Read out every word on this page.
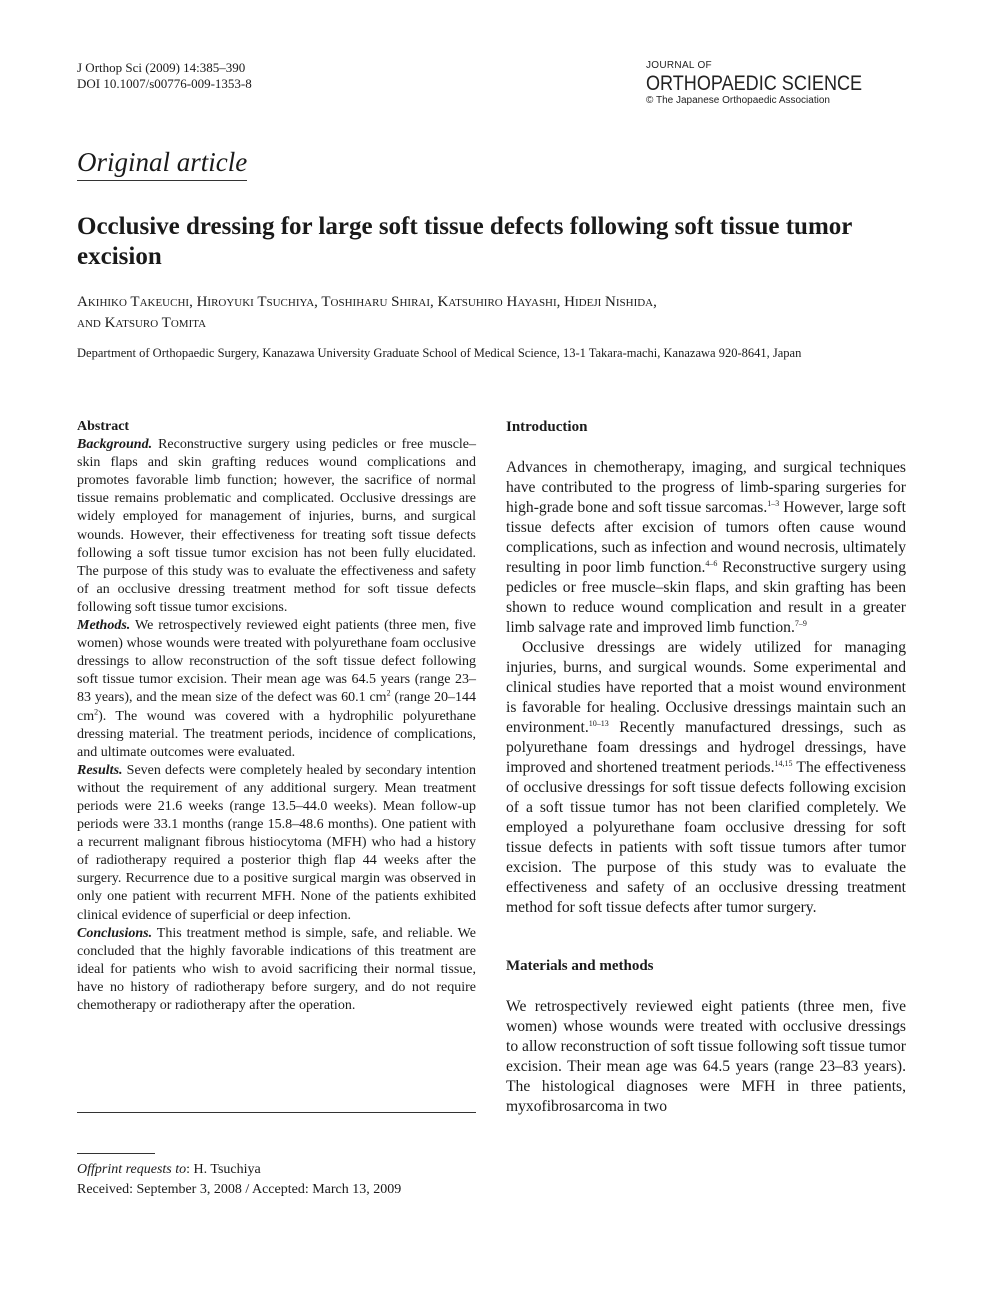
J Orthop Sci (2009) 14:385–390
DOI 10.1007/s00776-009-1353-8
JOURNAL OF
ORTHOPAEDIC SCIENCE
© The Japanese Orthopaedic Association
Original article
Occlusive dressing for large soft tissue defects following soft tissue tumor excision
Akihiko Takeuchi, Hiroyuki Tsuchiya, Toshiharu Shirai, Katsuhiro Hayashi, Hideji Nishida,
and Katsuro Tomita
Department of Orthopaedic Surgery, Kanazawa University Graduate School of Medical Science, 13-1 Takara-machi, Kanazawa 920-8641, Japan
Abstract

Background. Reconstructive surgery using pedicles or free muscle–skin flaps and skin grafting reduces wound complications and promotes favorable limb function; however, the sacrifice of normal tissue remains problematic and complicated. Occlusive dressings are widely employed for management of injuries, burns, and surgical wounds. However, their effectiveness for treating soft tissue defects following a soft tissue tumor excision has not been fully elucidated. The purpose of this study was to evaluate the effectiveness and safety of an occlusive dressing treatment method for soft tissue defects following soft tissue tumor excisions.

Methods. We retrospectively reviewed eight patients (three men, five women) whose wounds were treated with polyurethane foam occlusive dressings to allow reconstruction of the soft tissue defect following soft tissue tumor excision. Their mean age was 64.5 years (range 23–83 years), and the mean size of the defect was 60.1 $cm^2$ (range 20–144 $cm^2$). The wound was covered with a hydrophilic polyurethane dressing material. The treatment periods, incidence of complications, and ultimate outcomes were evaluated.

Results. Seven defects were completely healed by secondary intention without the requirement of any additional surgery. Mean treatment periods were 21.6 weeks (range 13.5–44.0 weeks). Mean follow-up periods were 33.1 months (range 15.8–48.6 months). One patient with a recurrent malignant fibrous histiocytoma (MFH) who had a history of radiotherapy required a posterior thigh flap 44 weeks after the surgery. Recurrence due to a positive surgical margin was observed in only one patient with recurrent MFH. None of the patients exhibited clinical evidence of superficial or deep infection.

Conclusions. This treatment method is simple, safe, and reliable. We concluded that the highly favorable indications of this treatment are ideal for patients who wish to avoid sacrificing their normal tissue, have no history of radiotherapy before surgery, and do not require chemotherapy or radiotherapy after the operation.

Offprint requests to: H. Tsuchiya
Received: September 3, 2008 / Accepted: March 13, 2009
Introduction

Advances in chemotherapy, imaging, and surgical techniques have contributed to the progress of limb-sparing surgeries for high-grade bone and soft tissue sarcomas.$^{1-3}$ However, large soft tissue defects after excision of tumors often cause wound complications, such as infection and wound necrosis, ultimately resulting in poor limb function.$^{4-6}$ Reconstructive surgery using pedicles or free muscle–skin flaps, and skin grafting has been shown to reduce wound complication and result in a greater limb salvage rate and improved limb function.$^{7-9}$

Occlusive dressings are widely utilized for managing injuries, burns, and surgical wounds. Some experimental and clinical studies have reported that a moist wound environment is favorable for healing. Occlusive dressings maintain such an environment.$^{10-13}$ Recently manufactured dressings, such as polyurethane foam dressings and hydrogel dressings, have improved and shortened treatment periods.$^{14,15}$ The effectiveness of occlusive dressings for soft tissue defects following excision of a soft tissue tumor has not been clarified completely. We employed a polyurethane foam occlusive dressing for soft tissue defects in patients with soft tissue tumors after tumor excision. The purpose of this study was to evaluate the effectiveness and safety of an occlusive dressing treatment method for soft tissue defects after tumor surgery.

Materials and methods

We retrospectively reviewed eight patients (three men, five women) whose wounds were treated with occlusive dressings to allow reconstruction of soft tissue following soft tissue tumor excision. Their mean age was 64.5 years (range 23–83 years). The histological diagnoses were MFH in three patients, myxofibrosarcoma in two
